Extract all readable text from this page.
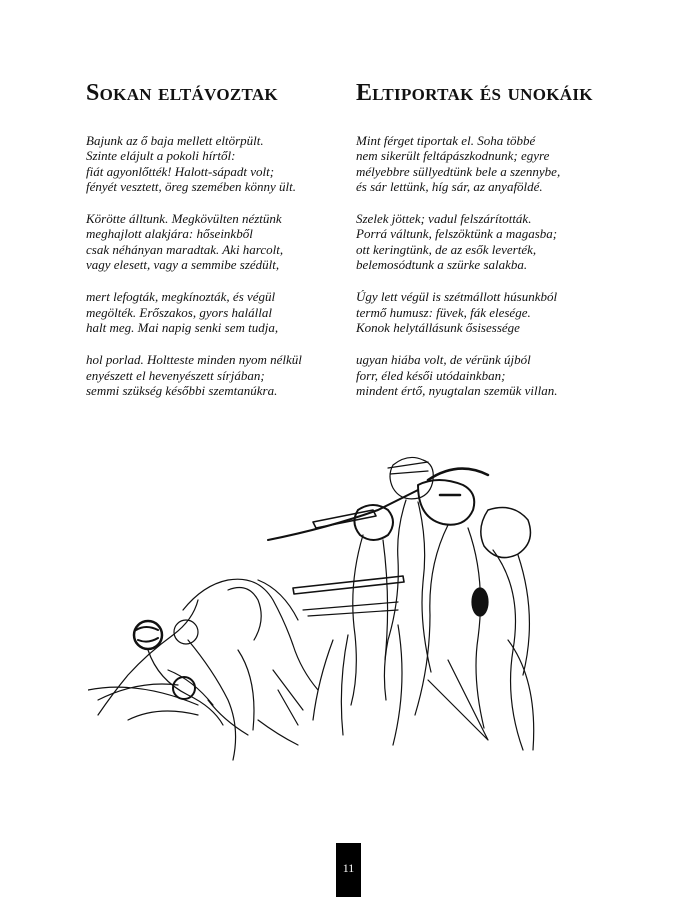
Sokan eltávoztak
Bajunk az ő baja mellett eltörpült.
Szinte elájult a pokoli hírtől:
fiát agyonlőtték! Halott-sápadt volt;
fényét vesztett, öreg szemében könny ült.
Körötte álltunk. Megkövülten néztünk
meghajlott alakjára: hőseinkből
csak néhányan maradtak. Aki harcolt,
vagy elesett, vagy a semmibe szédült,
mert lefogták, megkínozták, és végül
megölték. Erőszakos, gyors halállal
halt meg. Mai napig senki sem tudja,
hol porlad. Holtteste minden nyom nélkül
enyészett el hevenyészett sírjában;
semmi szükség későbbi szemtanúkra.
Eltiportak és unokáik
Mint férget tiportak el. Soha többé
nem sikerült feltápászkodnunk; egyre
mélyebbre süllyedtünk bele a szennybe,
és sár lettünk, híg sár, az anyaföldé.
Szelek jöttek; vadul felszárították.
Porrá váltunk, felszöktünk a magasba;
ott keringtünk, de az esők leverték,
belemosódtunk a szürke salakba.
Úgy lett végül is szétmállott húsunkból
termő humusz: füvek, fák elesége.
Konok helytállásunk ősisessége
ugyan hiába volt, de vérünk újból
forr, éled késői utódainkban;
mindent értő, nyugtalan szemük villan.
11
